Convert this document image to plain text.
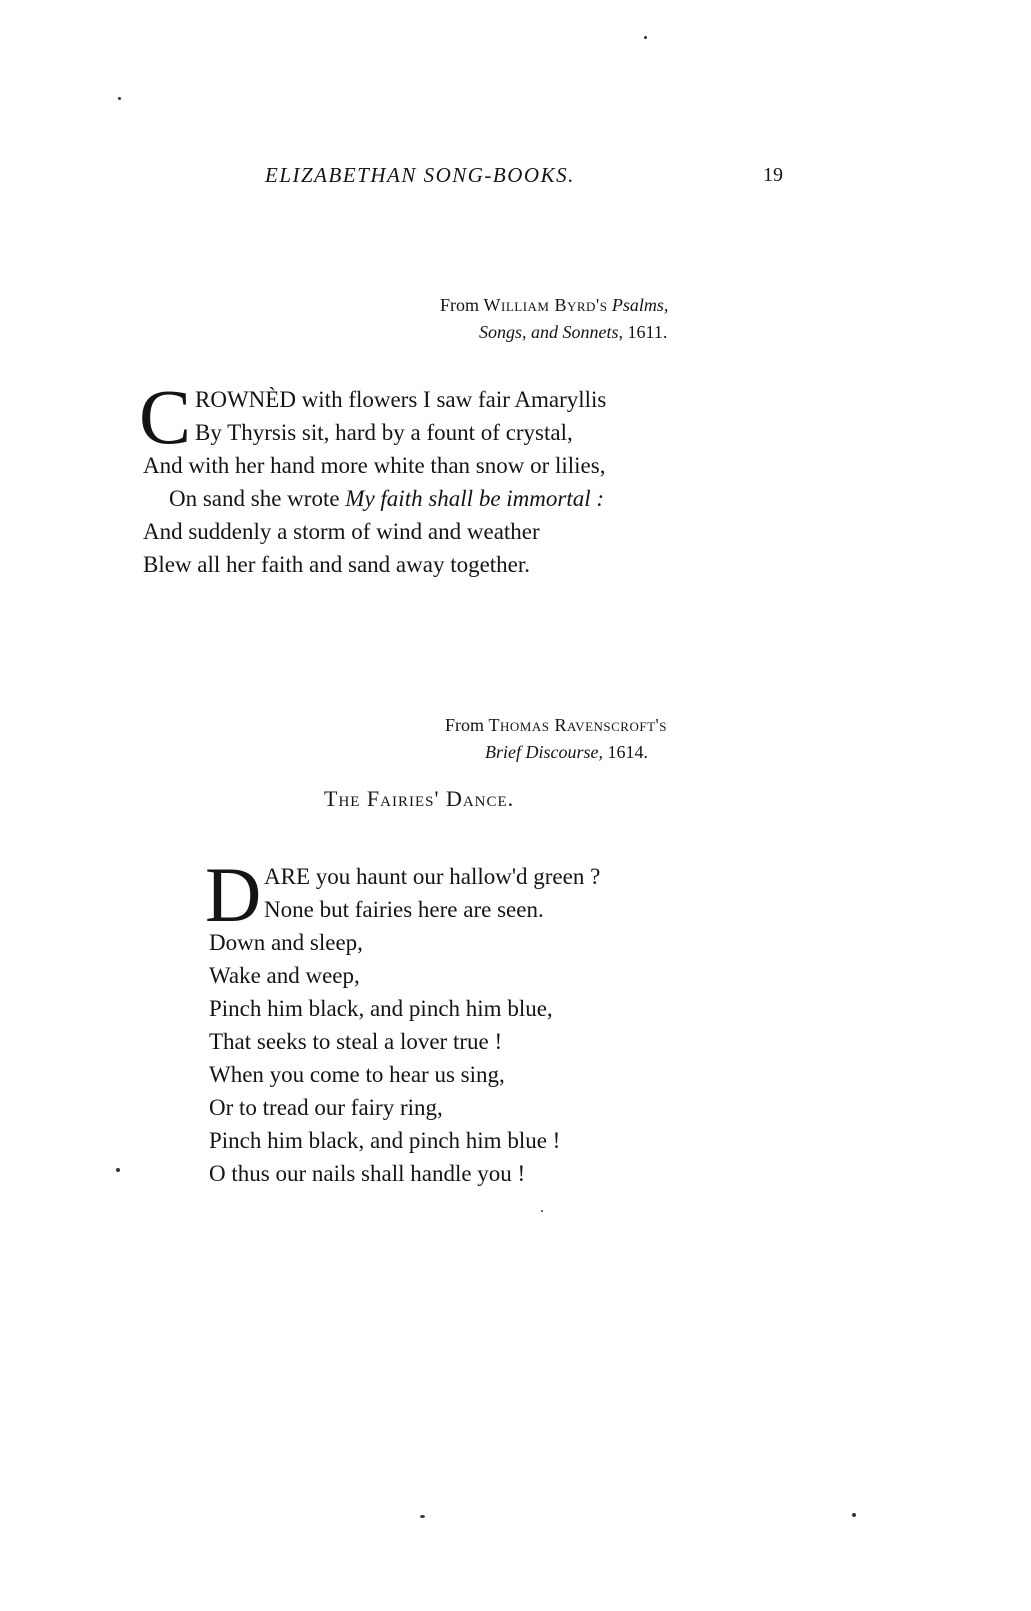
ELIZABETHAN SONG-BOOKS.	19
From William Byrd's Psalms,
Songs, and Sonnets, 1611.
C ROWNÈD with flowers I saw fair Amaryllis
By Thyrsis sit, hard by a fount of crystal,
And with her hand more white than snow or lilies,
On sand she wrote My faith shall be immortal :
And suddenly a storm of wind and weather
Blew all her faith and sand away together.
From Thomas Ravenscroft's
Brief Discourse, 1614.
The Fairies' Dance.
D ARE you haunt our hallow'd green ?
None but fairies here are seen.
Down and sleep,
Wake and weep,
Pinch him black, and pinch him blue,
That seeks to steal a lover true !
When you come to hear us sing,
Or to tread our fairy ring,
Pinch him black, and pinch him blue !
O thus our nails shall handle you !
